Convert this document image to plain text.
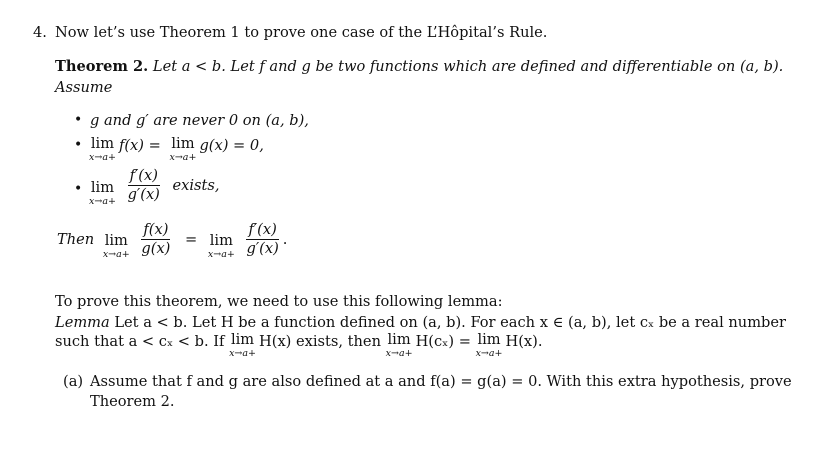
4. Now let’s use Theorem 1 to prove one case of the L’Hôpital’s Rule.
Theorem 2. Let a < b. Let f and g be two functions which are defined and differentiable on (a, b).
Assume
• g and g′ are never 0 on (a, b),
• lim
x→a+
f(x) = lim
x→a+
g(x) = 0,
• lim
x→a+
$\frac{f'(x)}{g'(x)}$ exists,
Then lim
x→a+
$\frac{f(x)}{g(x)} = \lim$
x→a+
$\frac{f'(x)}{g'(x)}$ .
To prove this theorem, we need to use this following lemma:
Lemma Let a < b. Let H be a function defined on (a, b). For each x ∈ (a, b), let cₓ be a real number
such that a < cₓ < b. If lim
x→a+
H(x) exists, then lim
x→a+
H(cₓ) = lim
x→a+
H(x).
(a) Assume that f and g are also defined at a and f(a) = g(a) = 0. With this extra hypothesis, prove
Theorem 2.
